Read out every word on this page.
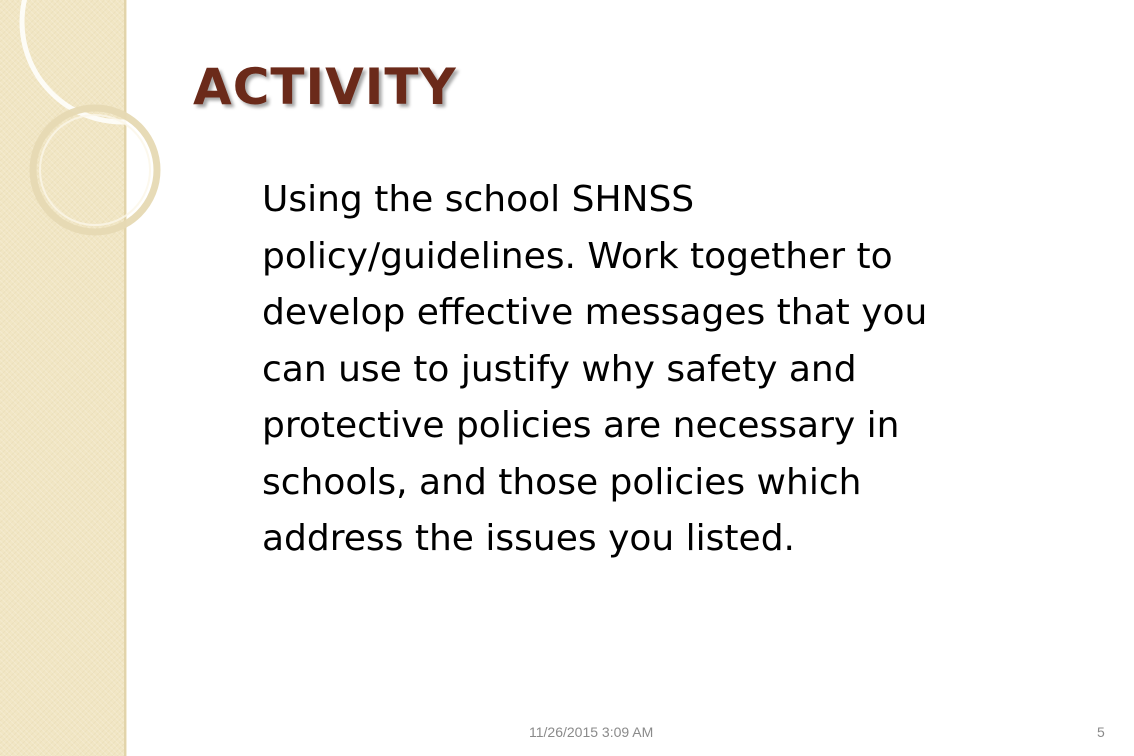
ACTIVITY

Using the school SHNSS
policy/guidelines. Work together to
develop effective messages that you
can use to justify why safety and
protective policies are necessary in
schools, and those policies which
address the issues you listed.

11/26/2015 3:09 AM	5
